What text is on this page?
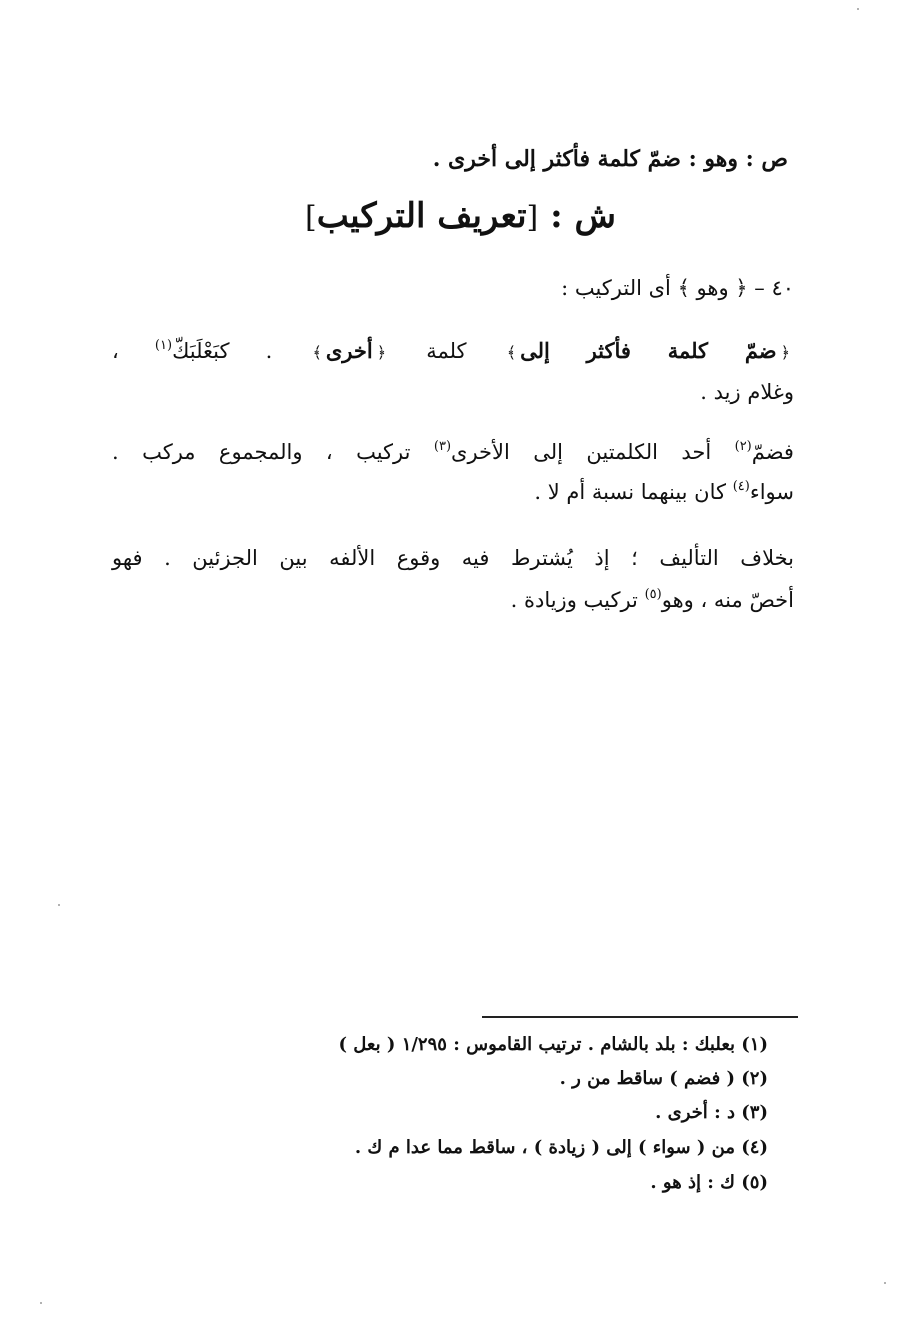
ص : وهو : ضمّ كلمة فأكثر إلى أخرى .
ش : [تعريف التركيب]
٤٠ – ﴿ وهو ﴾ أى التركيب :
﴿ضمّ كلمة فأكثر إلى﴾ كلمة ﴿أخرى﴾ . كبَعْلَبَكّ$^{(١)}$ ،
وغلام زيد .
فضمّ$^{(٢)}$ أحد الكلمتين إلى الأخرى$^{(٣)}$ تركيب ، والمجموع مركب .
سواء$^{(٤)}$ كان بينهما نسبة أم لا .
بخلاف التأليف ؛ إذ يُشترط فيه وقوع الألفه بين الجزئين . فهو
أخصّ منه ، وهو$^{(٥)}$ تركيب وزيادة .
(١) بعلبك : بلد بالشام . ترتيب القاموس : ١/٢٩٥ ( بعل )
(٢) ( فضم ) ساقط من ر .
(٣) د : أخرى .
(٤) من ( سواء ) إلى ( زيادة ) ، ساقط مما عدا م ك .
(٥) ك : إذ هو .
